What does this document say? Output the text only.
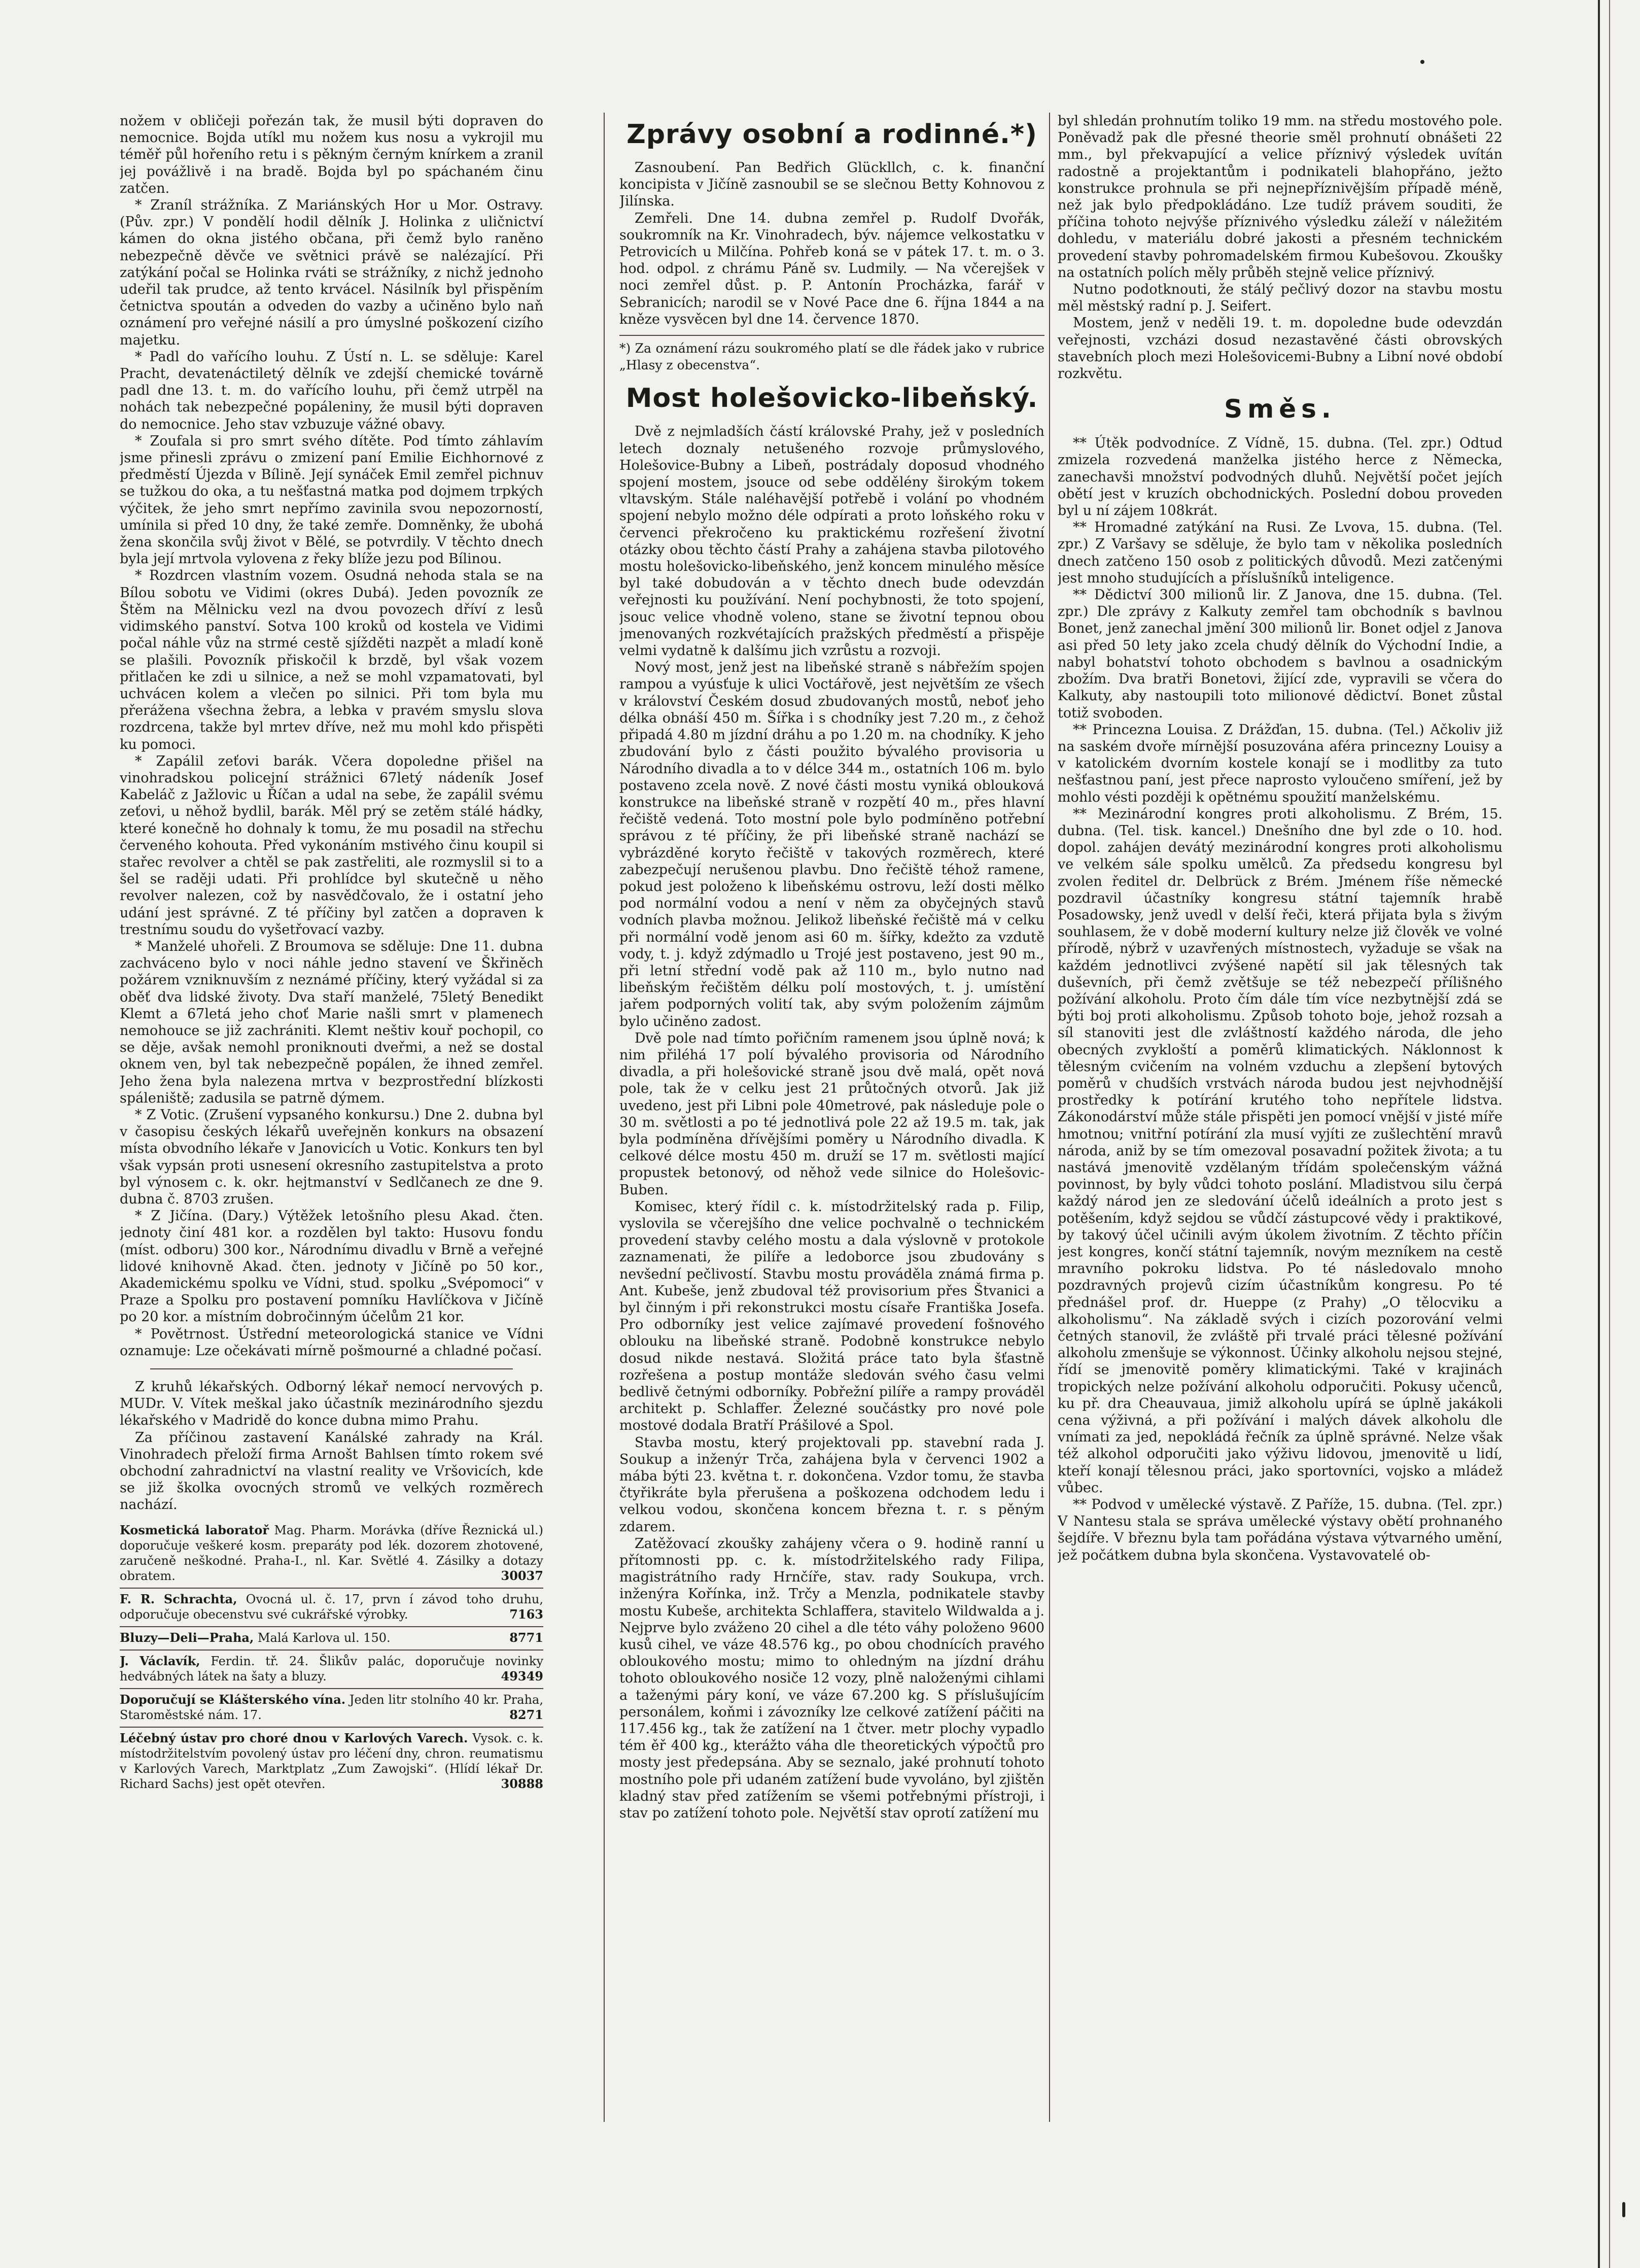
nožem v obličeji pořezán tak, že musil býti dopraven do nemocnice. Bojda utíkl mu nožem kus nosu a vykrojil mu téměř půl hořeního retu i s pěkným černým knírkem a zranil jej povážlivě i na bradě. Bojda byl po spáchaném činu zatčen.

* Zraníl strážníka. Z Mariánských Hor u Mor. Ostravy. (Pův. zpr.) V pondělí hodil dělník J. Holinka z uličnictví kámen do okna jistého občana, při čemž bylo raněno nebezpečně děvče ve světnici právě se nalézající. Při zatýkání počal se Holinka rváti se strážníky, z nichž jednoho udeřil tak prudce, až tento krvácel. Násilník byl přispěním četnictva spoután a odveden do vazby a učiněno bylo naň oznámení pro veřejné násilí a pro úmyslné poškození cizího majetku.

* Padl do vařícího louhu. Z Ústí n. L. se sděluje: Karel Pracht, devatenáctiletý dělník ve zdejší chemické továrně padl dne 13. t. m. do vařícího louhu, při čemž utrpěl na nohách tak nebezpečné popáleniny, že musil býti dopraven do nemocnice. Jeho stav vzbuzuje vážné obavy.

* Zoufala si pro smrt svého dítěte. Pod tímto záhlavím jsme přinesli zprávu o zmizení paní Emilie Eichhornové z předměstí Újezda v Bílině. Její synáček Emil zemřel pichnuv se tužkou do oka, a tu nešťastná matka pod dojmem trpkých výčitek, že jeho smrt nepřímo zavinila svou nepozorností, umínila si před 10 dny, že také zemře. Domněnky, že ubohá žena skončila svůj život v Bělé, se potvrdily. V těchto dnech byla její mrtvola vylovena z řeky blíže jezu pod Bílinou.

* Rozdrcen vlastním vozem. Osudná nehoda stala se na Bílou sobotu ve Vidimi (okres Dubá). Jeden povozník ze Štěm na Mělnicku vezl na dvou povozech dříví z lesů vidimského panství. Sotva 100 kroků od kostela ve Vidimi počal náhle vůz na strmé cestě sjížděti nazpět a mladí koně se plašili. Povozník přiskočil k brzdě, byl však vozem přitlačen ke zdi u silnice, a než se mohl vzpamatovati, byl uchvácen kolem a vlečen po silnici. Při tom byla mu přerážena všechna žebra, a lebka v pravém smyslu slova rozdrcena, takže byl mrtev dříve, než mu mohl kdo přispěti ku pomoci.

* Zapálil zeťovi barák. Včera dopoledne přišel na vinohradskou policejní strážnici 67letý nádeník Josef Kabeláč z Jažlovic u Říčan a udal na sebe, že zapálil svému zeťovi, u něhož bydlil, barák. Měl prý se zetěm stálé hádky, které konečně ho dohnaly k tomu, že mu posadil na střechu červeného kohouta. Před vykonáním mstivého činu koupil si stařec revolver a chtěl se pak zastřeliti, ale rozmyslil si to a šel se raději udati. Při prohlídce byl skutečně u něho revolver nalezen, což by nasvědčovalo, že i ostatní jeho udání jest správné. Z té příčiny byl zatčen a dopraven k trestnímu soudu do vyšetřovací vazby.

* Manželé uhořeli. Z Broumova se sděluje: Dne 11. dubna zachváceno bylo v noci náhle jedno stavení ve Škřiněch požárem vzniknuvším z neznámé příčiny, který vyžádal si za oběť dva lidské životy. Dva staří manželé, 75letý Benedikt Klemt a 67letá jeho choť Marie našli smrt v plamenech nemohouce se již zachrániti. Klemt neštiv kouř pochopil, co se děje, avšak nemohl proniknouti dveřmi, a než se dostal oknem ven, byl tak nebezpečně popálen, že ihned zemřel. Jeho žena byla nalezena mrtva v bezprostřední blízkosti spáleniště; zadusila se patrně dýmem.

* Z Votic. (Zrušení vypsaného konkursu.) Dne 2. dubna byl v časopisu českých lékařů uveřejněn konkurs na obsazení místa obvodního lékaře v Janovicích u Votic. Konkurs ten byl však vypsán proti usnesení okresního zastupitelstva a proto byl výnosem c. k. okr. hejtmanství v Sedlčanech ze dne 9. dubna č. 8703 zrušen.

* Z Jičína. (Dary.) Výtěžek letošního plesu Akad. čten. jednoty činí 481 kor. a rozdělen byl takto: Husovu fondu (míst. odboru) 300 kor., Národnímu divadlu v Brně a veřejné lidové knihovně Akad. čten. jednoty v Jičíně po 50 kor., Akademickému spolku ve Vídni, stud. spolku „Svépomoci“ v Praze a Spolku pro postavení pomníku Havlíčkova v Jičíně po 20 kor. a místním dobročinným účelům 21 kor.

* Povětrnost. Ústřední meteorologická stanice ve Vídni oznamuje: Lze očekávati mírně pošmourné a chladné počasí.

Z kruhů lékařských. Odborný lékař nemocí nervových p. MUDr. V. Vítek meškal jako účastník mezinárodního sjezdu lékařského v Madridě do konce dubna mimo Prahu.

Za příčinou zastavení Kanálské zahrady na Král. Vinohradech přeloží firma Arnošt Bahlsen tímto rokem své obchodní zahradnictví na vlastní reality ve Vršovicích, kde se již školka ovocných stromů ve velkých rozměrech nachází.

Kosmetická laboratoř Mag. Pharm. Morávka (dříve Řeznická ul.) doporučuje veškeré kosm. preparáty pod lék. dozorem zhotovené, zaručeně neškodné. Praha-I., nl. Kar. Světlé 4. Zásilky a dotazy obratem.	30037
F. R. Schrachta, Ovocná ul. č. 17, prvn í závod toho druhu, odporučuje obecenstvu své cukrářské výrobky.	7163
Bluzy—Deli—Praha, Malá Karlova ul. 150.	8771
J. Václavík, Ferdin. tř. 24. Šlikův palác, doporučuje novinky hedvábných látek na šaty a bluzy.	49349
Doporučují se Klášterského vína. Jeden litr stolního 40 kr. Praha, Staroměstské nám. 17.	8271
Léčebný ústav pro choré dnou v Karlových Varech. Vysok. c. k. místodržitelstvím povolený ústav pro léčení dny, chron. reumatismu v Karlových Varech, Marktplatz „Zum Zawojski“. (Hlídí lékař Dr. Richard Sachs) jest opět otevřen.	30888
Zprávy osobní a rodinné.*)

Zasnoubení. Pan Bedřich Glückllch, c. k. finanční koncipista v Jičíně zasnoubil se se slečnou Betty Kohnovou z Jilínska.

Zemřeli. Dne 14. dubna zemřel p. Rudolf Dvořák, soukromník na Kr. Vinohradech, býv. nájemce velkostatku v Petrovicích u Milčína. Pohřeb koná se v pátek 17. t. m. o 3. hod. odpol. z chrámu Páně sv. Ludmily. — Na včerejšek v noci zemřel důst. p. P. Antonín Procházka, farář v Sebranicích; narodil se v Nové Pace dne 6. října 1844 a na kněze vysvěcen byl dne 14. července 1870.

*) Za oznámení rázu soukromého platí se dle řádek jako v rubrice „Hlasy z obecenstva“.
Most holešovicko-libeňský.

Dvě z nejmladších částí královské Prahy, jež v posledních letech doznaly netušeného rozvoje průmyslového, Holešovice-Bubny a Libeň, postrádaly doposud vhodného spojení mostem, jsouce od sebe oddělény širokým tokem vltavským. Stále naléhavější potřebě i volání po vhodném spojení nebylo možno déle odpírati a proto loňského roku v červenci překročeno ku praktickému rozřešení životní otázky obou těchto částí Prahy a zahájena stavba pilotového mostu holešovicko-libeňského, jenž koncem minulého měsíce byl také dobudován a v těchto dnech bude odevzdán veřejnosti ku používání. Není pochybnosti, že toto spojení, jsouc velice vhodně voleno, stane se životní tepnou obou jmenovaných rozkvétajících pražských předměstí a přispěje velmi vydatně k dalšímu jich vzrůstu a rozvoji.

Nový most, jenž jest na libeňské straně s nábřežím spojen rampou a vyúsťuje k ulici Voctářově, jest největším ze všech v království Českém dosud zbudovaných mostů, neboť jeho délka obnáší 450 m. Šířka i s chodníky jest 7.20 m., z čehož připadá 4.80 m jízdní dráhu a po 1.20 m. na chodníky. K jeho zbudování bylo z části použito bývalého provisoria u Národního divadla a to v délce 344 m., ostatních 106 m. bylo postaveno zcela nově. Z nové části mostu vyniká oblouková konstrukce na libeňské straně v rozpětí 40 m., přes hlavní řečiště vedená. Toto mostní pole bylo podmíněno potřební správou z té příčiny, že při libeňské straně nachází se vybrázděné koryto řečiště v takových rozměrech, které zabezpečují nerušenou plavbu. Dno řečiště téhož ramene, pokud jest položeno k libeňskému ostrovu, leží dosti mělko pod normální vodou a není v něm za obyčejných stavů vodních plavba možnou. Jelikož libeňské řečiště má v celku při normální vodě jenom asi 60 m. šířky, kdežto za vzdutě vody, t. j. když zdýmadlo u Trojé jest postaveno, jest 90 m., při letní střední vodě pak až 110 m., bylo nutno nad libeňským řečištěm délku polí mostových, t. j. umístění jařem podporných volití tak, aby svým položením zájmům bylo učiněno zadost.

Dvě pole nad tímto pořičním ramenem jsou úplně nová; k nim přiléhá 17 polí bývalého provisoria od Národního divadla, a při holešovické straně jsou dvě malá, opět nová pole, tak že v celku jest 21 průtočných otvorů. Jak již uvedeno, jest při Libni pole 40metrové, pak následuje pole o 30 m. světlosti a po té jednotlivá pole 22 až 19.5 m. tak, jak byla podmíněna dřívějšími poměry u Národního divadla. K celkové délce mostu 450 m. druží se 17 m. světlosti mající propustek betonový, od něhož vede silnice do Holešovic-Buben.

Komisec, který řídil c. k. místodržitelský rada p. Filip, vyslovila se včerejšího dne velice pochvalně o technickém provedení stavby celého mostu a dala výslovně v protokole zaznamenati, že pilíře a ledoborce jsou zbudovány s nevšední pečlivostí. Stavbu mostu prováděla známá firma p. Ant. Kubeše, jenž zbudoval též provisorium přes Štvanici a byl činným i při rekonstrukci mostu císaře Františka Josefa. Pro odborníky jest velice zajímavé provedení fošnového oblouku na libeňské straně. Podobně konstrukce nebylo dosud nikde nestavá. Složitá práce tato byla šťastně rozřešena a postup montáže sledován svého času velmi bedlivě četnými odborníky. Pobřežní pilíře a rampy prováděl architekt p. Schlaffer. Železné součástky pro nové pole mostové dodala Bratří Prášilové a Spol.

Stavba mostu, který projektovali pp. stavební rada J. Soukup a inženýr Trča, zahájena byla v červenci 1902 a mába býti 23. května t. r. dokončena. Vzdor tomu, že stavba čtyřikráte byla přerušena a poškozena odchodem ledu i velkou vodou, skončena koncem března t. r. s pěným zdarem.

Zatěžovací zkoušky zahájeny včera o 9. hodině ranní u přítomnosti pp. c. k. místodržitelského rady Filipa, magistrátního rady Hrnčíře, stav. rady Soukupa, vrch. inženýra Kořínka, inž. Trčy a Menzla, podnikatele stavby mostu Kubeše, architekta Schlaffera, stavitelo Wildwalda a j. Nejprve bylo zváženo 20 cihel a dle této váhy položeno 9600 kusů cihel, ve váze 48.576 kg., po obou chodnících pravého obloukového mostu; mimo to ohledným na jízdní dráhu tohoto obloukového nosiče 12 vozy, plně naloženými cihlami a taženými páry koní, ve váze 67.200 kg. S příslušujícím personálem, koňmi i závozníky lze celkové zatížení páčiti na 117.456 kg., tak že zatížení na 1 čtver. metr plochy vypadlo tém ěř 400 kg., kterážto váha dle theoretických výpočtů pro mosty jest předepsána. Aby se seznalo, jaké prohnutí tohoto mostního pole při udaném zatížení bude vyvoláno, byl zjištěn kladný stav před zatížením se všemi potřebnými přístroji, i stav po zatížení tohoto pole. Největší stav oprotí zatížení mu

byl shledán prohnutím toliko 19 mm. na středu mostového pole. Poněvadž pak dle přesné theorie směl prohnutí obnášeti 22 mm., byl překvapující a velice příznivý výsledek uvítán radostně a projektantům i podnikateli blahopřáno, ježto konstrukce prohnula se při nejnepříznivějším případě méně, než jak bylo předpokládáno. Lze tudíž právem souditi, že příčina tohoto nejvýše příznivého výsledku záleží v náležitém dohledu, v materiálu dobré jakosti a přesném technickém provedení stavby pohromadelském firmou Kubešovou. Zkoušky na ostatních polích měly průběh stejně velice příznivý.

Nutno podotknouti, že stálý pečlivý dozor na stavbu mostu měl městský radní p. J. Seifert.

Mostem, jenž v neděli 19. t. m. dopoledne bude odevzdán veřejnosti, vzcházi dosud nezastavěné části obrovských stavebních ploch mezi Holešovicemi-Bubny a Libní nové období rozkvětu.

Směs.

** Útěk podvodníce. Z Vídně, 15. dubna. (Tel. zpr.) Odtud zmizela rozvedená manželka jistého herce z Německa, zanechavši množství podvodných dluhů. Největší počet jejích obětí jest v kruzích obchodnických. Poslední dobou proveden byl u ní zájem 108krát.

** Hromadné zatýkání na Rusi. Ze Lvova, 15. dubna. (Tel. zpr.) Z Varšavy se sděluje, že bylo tam v několika posledních dnech zatčeno 150 osob z politických důvodů. Mezi zatčenými jest mnoho studujících a příslušníků inteligence.

** Dědictví 300 milionů lir. Z Janova, dne 15. dubna. (Tel. zpr.) Dle zprávy z Kalkuty zemřel tam obchodník s bavlnou Bonet, jenž zanechal jmění 300 milionů lir. Bonet odjel z Janova asi před 50 lety jako zcela chudý dělník do Východní Indie, a nabyl bohatství tohoto obchodem s bavlnou a osadnickým zbožím. Dva bratři Bonetovi, žijící zde, vypravili se včera do Kalkuty, aby nastoupili toto milionové dědictví. Bonet zůstal totiž svoboden.

** Princezna Louisa. Z Drážďan, 15. dubna. (Tel.) Ačkoliv již na saském dvoře mírnější posuzována aféra princezny Louisy a v katolickém dvorním kostele konají se i modlitby za tuto nešťastnou paní, jest přece naprosto vyloučeno smíření, jež by mohlo vésti později k opětnému spoužití manželskému.

** Mezinárodní kongres proti alkoholismu. Z Brém, 15. dubna. (Tel. tisk. kancel.) Dnešního dne byl zde o 10. hod. dopol. zahájen devátý mezinárodní kongres proti alkoholismu ve velkém sále spolku umělců. Za předsedu kongresu byl zvolen ředitel dr. Delbrück z Brém. Jménem říše německé pozdravil účastníky kongresu státní tajemník hrabě Posadowsky, jenž uvedl v delší řeči, která přijata byla s živým souhlasem, že v době moderní kultury nelze již člověk ve volné přírodě, nýbrž v uzavřených místnostech, vyžaduje se však na každém jednotlivci zvýšené napětí sil jak tělesných tak duševních, při čemž zvětšuje se též nebezpečí přílišného požívání alkoholu. Proto čím dále tím více nezbytnější zdá se býti boj proti alkoholismu. Způsob tohoto boje, jehož rozsah a síl stanoviti jest dle zvláštností každého národa, dle jeho obecných zvykloští a poměrů klimatických. Náklonnost k tělesným cvičením na volném vzduchu a zlepšení bytových poměrů v chudších vrstvách národa budou jest nejvhodnější prostředky k potírání krutého toho nepřítele lidstva. Zákonodárství může stále přispěti jen pomocí vnější v jisté míře hmotnou; vnitřní potírání zla musí vyjíti ze zušlechtění mravů národa, aniž by se tím omezoval posavadní požitek života; a tu nastává jmenovitě vzdělaným třídám společenským vážná povinnost, by byly vůdci tohoto poslání. Mladistvou silu čerpá každý národ jen ze sledování účelů ideálních a proto jest s potěšením, když sejdou se vůdčí zástupcové vědy i praktikové, by takový účel učinili avým úkolem životním. Z těchto příčin jest kongres, končí státní tajemník, novým mezníkem na cestě mravního pokroku lidstva. Po té následovalo mnoho pozdravných projevů cizím účastníkům kongresu. Po té přednášel prof. dr. Hueppe (z Prahy) „O tělocviku a alkoholismu“. Na základě svých i cizích pozorování velmi četných stanovil, že zvláště při trvalé práci tělesné požívání alkoholu zmenšuje se výkonnost. Účinky alkoholu nejsou stejné, řídí se jmenovitě poměry klimatickými. Také v krajinách tropických nelze požívání alkoholu odporučiti. Pokusy učenců, ku př. dra Cheauvaua, jimiž alkoholu upírá se úplně jakákoli cena výživná, a při požívání i malých dávek alkoholu dle vnímati za jed, nepokládá řečník za úplně správné. Nelze však též alkohol odporučiti jako výživu lidovou, jmenovitě u lidí, kteří konají tělesnou práci, jako sportovníci, vojsko a mládež vůbec.

** Podvod v umělecké výstavě. Z Paříže, 15. dubna. (Tel. zpr.) V Nantesu stala se správa umělecké výstavy obětí prohnaného šejdíře. V březnu byla tam pořádána výstava výtvarného umění, jež počátkem dubna byla skončena. Vystavovatelé ob-
